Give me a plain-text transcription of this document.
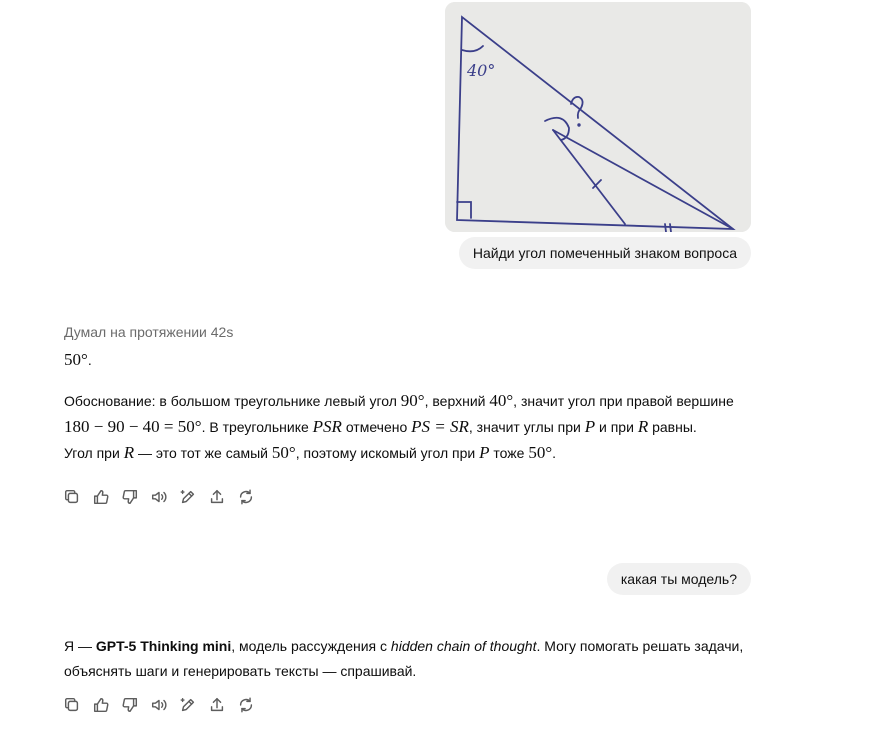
40°
Найди угол помеченный знаком вопроса
Думал на протяжении 42s
50°.
Обоснование: в большом треугольнике левый угол 90°, верхний 40°, значит угол при правой вершине
180 − 90 − 40 = 50°. В треугольнике PSR отмечено PS = SR, значит углы при P и при R равны.
Угол при R — это тот же самый 50°, поэтому искомый угол при P тоже 50°.
какая ты модель?
Я — GPT-5 Thinking mini, модель рассуждения с hidden chain of thought. Могу помогать решать задачи,
объяснять шаги и генерировать тексты — спрашивай.
